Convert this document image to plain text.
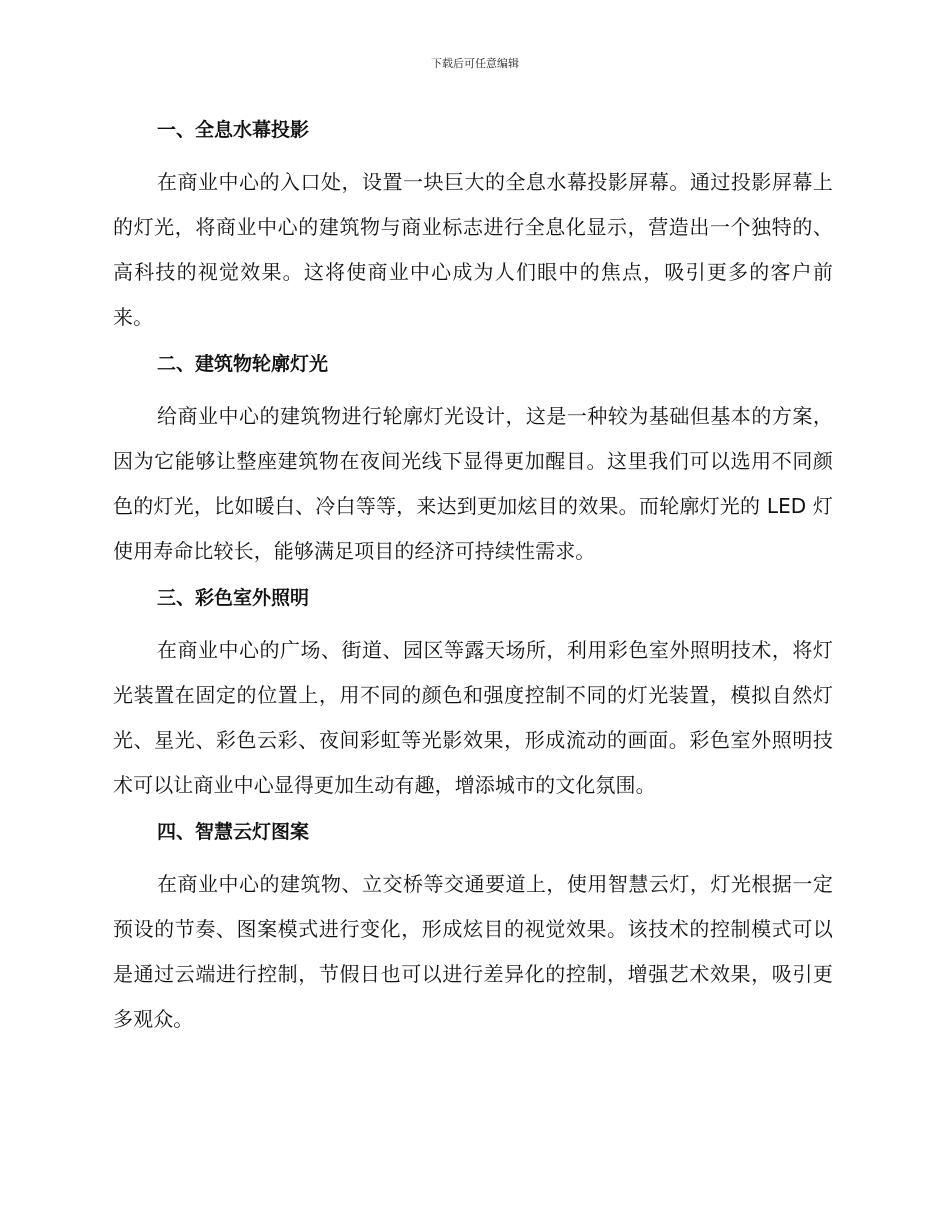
下载后可任意编辑
一、全息水幕投影

在商业中心的入口处，设置一块巨大的全息水幕投影屏幕。通过投影屏幕上的灯光，将商业中心的建筑物与商业标志进行全息化显示，营造出一个独特的、高科技的视觉效果。这将使商业中心成为人们眼中的焦点，吸引更多的客户前来。

二、建筑物轮廓灯光

给商业中心的建筑物进行轮廓灯光设计，这是一种较为基础但基本的方案，因为它能够让整座建筑物在夜间光线下显得更加醒目。这里我们可以选用不同颜色的灯光，比如暖白、冷白等等，来达到更加炫目的效果。而轮廓灯光的 LED 灯使用寿命比较长，能够满足项目的经济可持续性需求。

三、彩色室外照明

在商业中心的广场、街道、园区等露天场所，利用彩色室外照明技术，将灯光装置在固定的位置上，用不同的颜色和强度控制不同的灯光装置，模拟自然灯光、星光、彩色云彩、夜间彩虹等光影效果，形成流动的画面。彩色室外照明技术可以让商业中心显得更加生动有趣，增添城市的文化氛围。

四、智慧云灯图案

在商业中心的建筑物、立交桥等交通要道上，使用智慧云灯，灯光根据一定预设的节奏、图案模式进行变化，形成炫目的视觉效果。该技术的控制模式可以是通过云端进行控制，节假日也可以进行差异化的控制，增强艺术效果，吸引更多观众。
